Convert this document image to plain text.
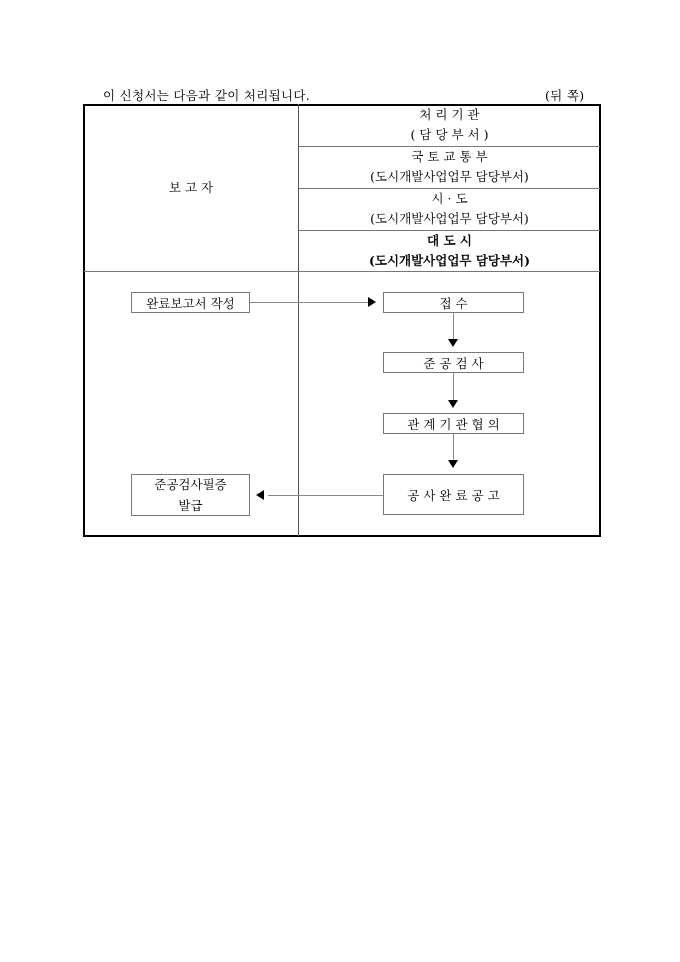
이 신청서는 다음과 같이 처리됩니다.	(뒤 쪽)
보 고 자
처 리 기 관
( 담 당 부 서 )
국 토 교 통 부
(도시개발사업업무 담당부서)
시 · 도
(도시개발사업업무 담당부서)
대 도 시
(도시개발사업업무 담당부서)
완료보고서 작성	접 수
준 공 검 사
관 계 기 관 협 의
공 사 완 료 공 고
준공검사필증
발급
